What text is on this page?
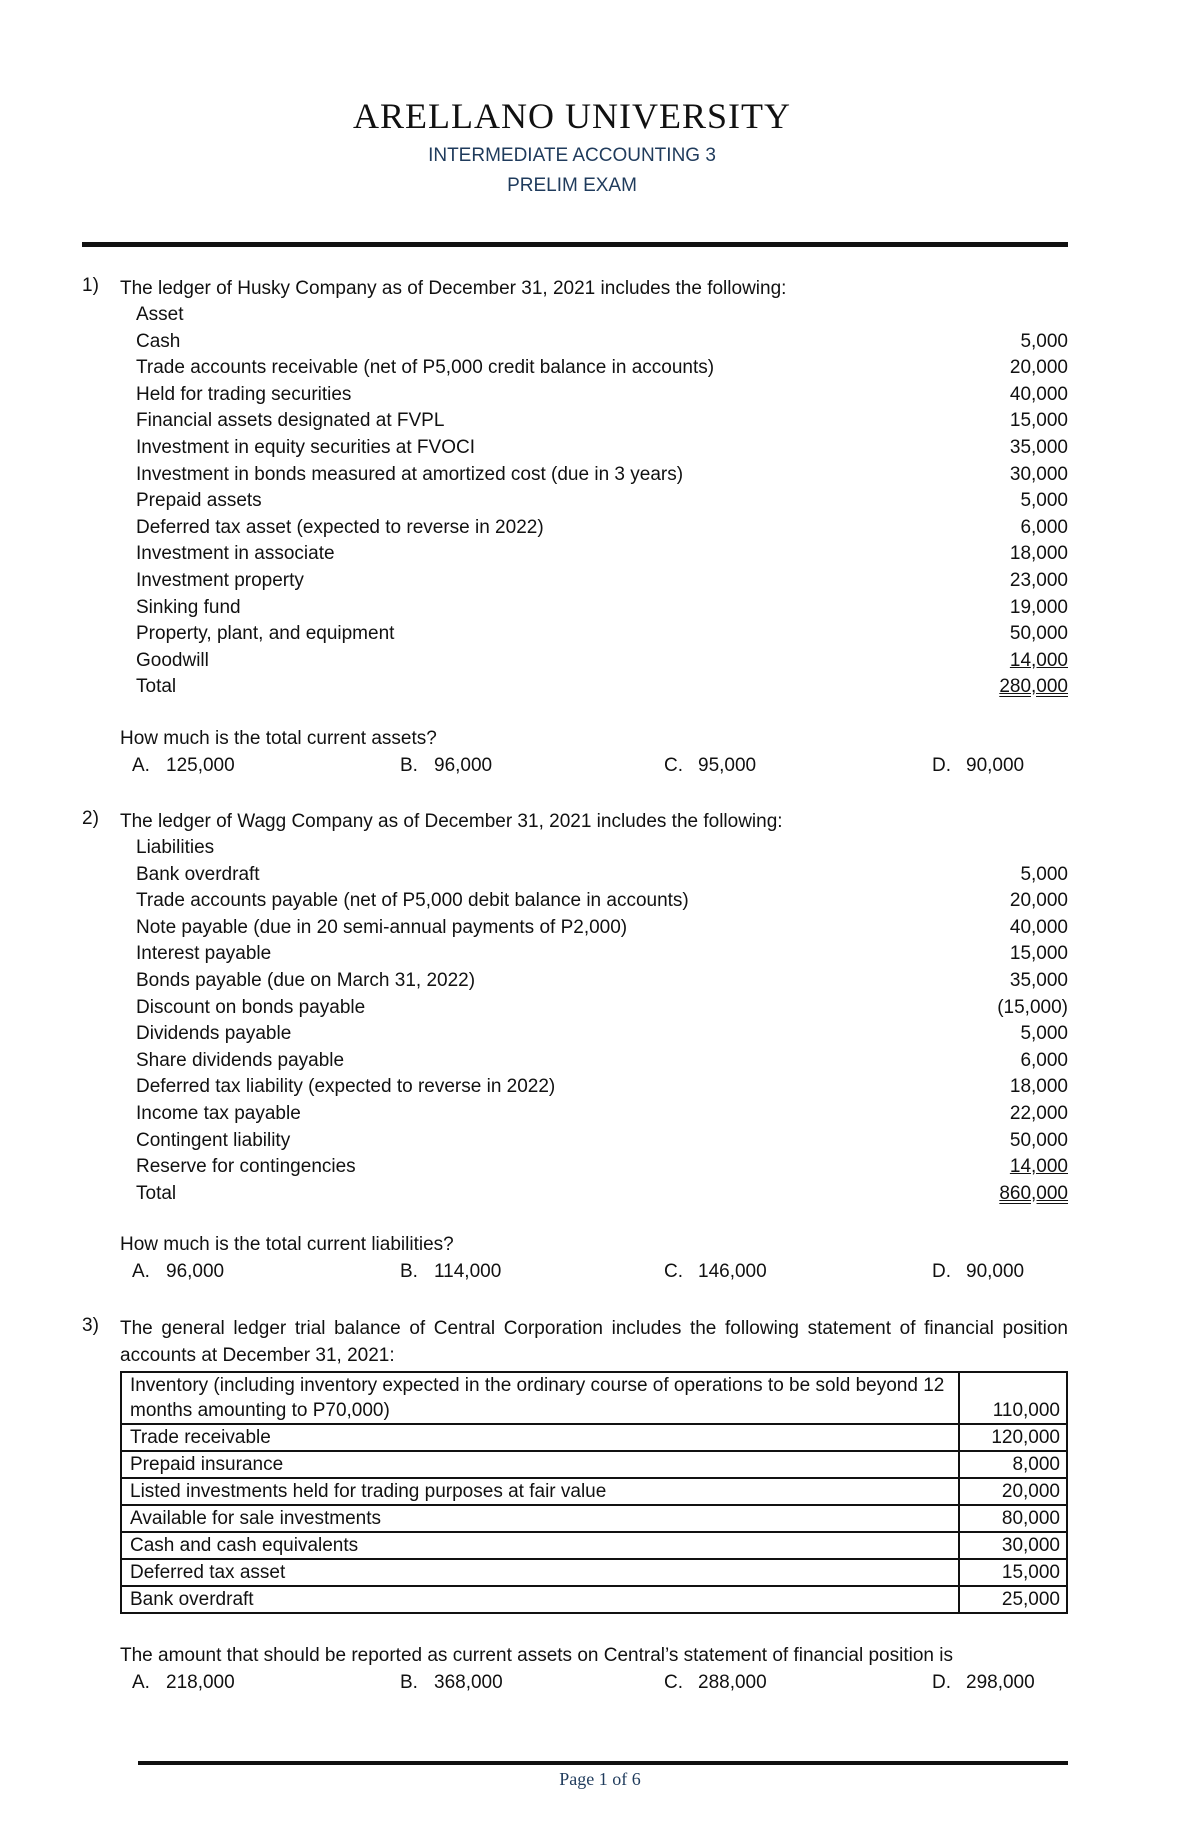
ARELLANO UNIVERSITY
INTERMEDIATE ACCOUNTING 3
PRELIM EXAM
1) The ledger of Husky Company as of December 31, 2021 includes the following:
Asset
Cash	5,000
Trade accounts receivable (net of P5,000 credit balance in accounts)	20,000
Held for trading securities	40,000
Financial assets designated at FVPL	15,000
Investment in equity securities at FVOCI	35,000
Investment in bonds measured at amortized cost (due in 3 years)	30,000
Prepaid assets	5,000
Deferred tax asset (expected to reverse in 2022)	6,000
Investment in associate	18,000
Investment property	23,000
Sinking fund	19,000
Property, plant, and equipment	50,000
Goodwill	14,000
Total	280,000
How much is the total current assets?
A. 125,000	B. 96,000	C. 95,000	D. 90,000
2) The ledger of Wagg Company as of December 31, 2021 includes the following:
Liabilities
Bank overdraft	5,000
Trade accounts payable (net of P5,000 debit balance in accounts)	20,000
Note payable (due in 20 semi-annual payments of P2,000)	40,000
Interest payable	15,000
Bonds payable (due on March 31, 2022)	35,000
Discount on bonds payable	(15,000)
Dividends payable	5,000
Share dividends payable	6,000
Deferred tax liability (expected to reverse in 2022)	18,000
Income tax payable	22,000
Contingent liability	50,000
Reserve for contingencies	14,000
Total	860,000
How much is the total current liabilities?
A. 96,000	B. 114,000	C. 146,000	D. 90,000
3) The general ledger trial balance of Central Corporation includes the following statement of financial position accounts at December 31, 2021:
Inventory (including inventory expected in the ordinary course of operations to be sold beyond 12 months amounting to P70,000)	110,000
Trade receivable	120,000
Prepaid insurance	8,000
Listed investments held for trading purposes at fair value	20,000
Available for sale investments	80,000
Cash and cash equivalents	30,000
Deferred tax asset	15,000
Bank overdraft	25,000
The amount that should be reported as current assets on Central’s statement of financial position is
A. 218,000	B. 368,000	C. 288,000	D. 298,000
Page 1 of 6
